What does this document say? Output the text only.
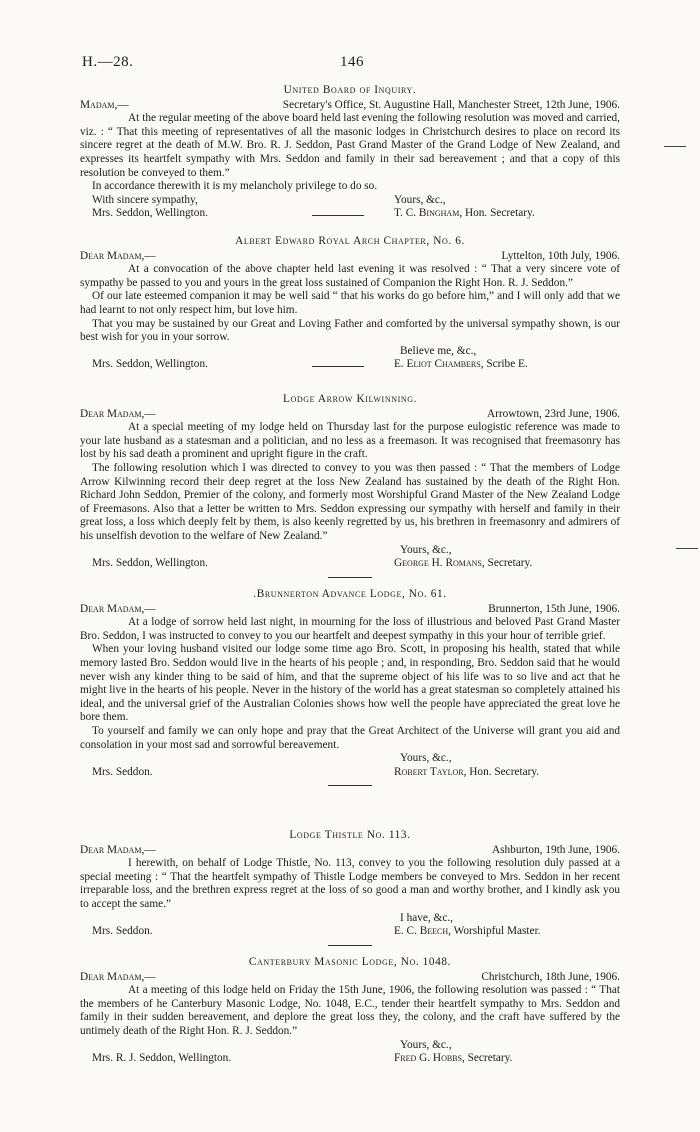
H.—28.	146
United Board of Inquiry.
Madam,—	Secretary's Office, St. Augustine Hall, Manchester Street, 12th June, 1906.

At the regular meeting of the above board held last evening the following resolution was moved and carried, viz. : “ That this meeting of representatives of all the masonic lodges in Christchurch desires to place on record its sincere regret at the death of M.W. Bro. R. J. Seddon, Past Grand Master of the Grand Lodge of New Zealand, and expresses its heartfelt sympathy with Mrs. Seddon and family in their sad bereavement ; and that a copy of this resolution be conveyed to them.”

In accordance therewith it is my melancholy privilege to do so.
With sincere sympathy,	Yours, &c.,
Mrs. Seddon, Wellington.	T. C. Bingham, Hon. Secretary.
Albert Edward Royal Arch Chapter, No. 6.
Dear Madam,—	Lyttelton, 10th July, 1906.

At a convocation of the above chapter held last evening it was resolved : “ That a very sincere vote of sympathy be passed to you and yours in the great loss sustained of Companion the Right Hon. R. J. Seddon.”

Of our late esteemed companion it may be well said “ that his works do go before him,” and I will only add that we had learnt to not only respect him, but love him.

That you may be sustained by our Great and Loving Father and comforted by the universal sympathy shown, is our best wish for you in your sorrow.

Believe me, &c.,
Mrs. Seddon, Wellington.	E. Eliot Chambers, Scribe E.
Lodge Arrow Kilwinning.
Dear Madam,—	Arrowtown, 23rd June, 1906.

At a special meeting of my lodge held on Thursday last for the purpose eulogistic reference was made to your late husband as a statesman and a politician, and no less as a freemason. It was recognised that freemasonry has lost by his sad death a prominent and upright figure in the craft.

The following resolution which I was directed to convey to you was then passed : “ That the members of Lodge Arrow Kilwinning record their deep regret at the loss New Zealand has sustained by the death of the Right Hon. Richard John Seddon, Premier of the colony, and formerly most Worshipful Grand Master of the New Zealand Lodge of Freemasons. Also that a letter be written to Mrs. Seddon expressing our sympathy with herself and family in their great loss, a loss which deeply felt by them, is also keenly regretted by us, his brethren in freemasonry and admirers of his unselfish devotion to the welfare of New Zealand.”

Yours, &c.,
Mrs. Seddon, Wellington.	George H. Romans, Secretary.
.Brunnerton Advance Lodge, No. 61.
Dear Madam,—	Brunnerton, 15th June, 1906.

At a lodge of sorrow held last night, in mourning for the loss of illustrious and beloved Past Grand Master Bro. Seddon, I was instructed to convey to you our heartfelt and deepest sympathy in this your hour of terrible grief.

When your loving husband visited our lodge some time ago Bro. Scott, in proposing his health, stated that while memory lasted Bro. Seddon would live in the hearts of his people ; and, in responding, Bro. Seddon said that he would never wish any kinder thing to be said of him, and that the supreme object of his life was to so live and act that he might live in the hearts of his people. Never in the history of the world has a great statesman so completely attained his ideal, and the universal grief of the Australian Colonies shows how well the people have appreciated the great love he bore them.

To yourself and family we can only hope and pray that the Great Architect of the Universe will grant you aid and consolation in your most sad and sorrowful bereavement.

Yours, &c.,
Mrs. Seddon.	Robert Taylor, Hon. Secretary.
Lodge Thistle No. 113.
Dear Madam,—	Ashburton, 19th June, 1906.

I herewith, on behalf of Lodge Thistle, No. 113, convey to you the following resolution duly passed at a special meeting : “ That the heartfelt sympathy of Thistle Lodge members be conveyed to Mrs. Seddon in her recent irreparable loss, and the brethren express regret at the loss of so good a man and worthy brother, and I kindly ask you to accept the same.”

I have, &c.,
Mrs. Seddon.	E. C. Beech, Worshipful Master.
Canterbury Masonic Lodge, No. 1048.
Dear Madam,—	Christchurch, 18th June, 1906.

At a meeting of this lodge held on Friday the 15th June, 1906, the following resolution was passed : “ That the members of he Canterbury Masonic Lodge, No. 1048, E.C., tender their heartfelt sympathy to Mrs. Seddon and family in their sudden bereavement, and deplore the great loss they, the colony, and the craft have suffered by the untimely death of the Right Hon. R. J. Seddon.”

Yours, &c.,
Mrs. R. J. Seddon, Wellington.	Fred G. Hobbs, Secretary.
